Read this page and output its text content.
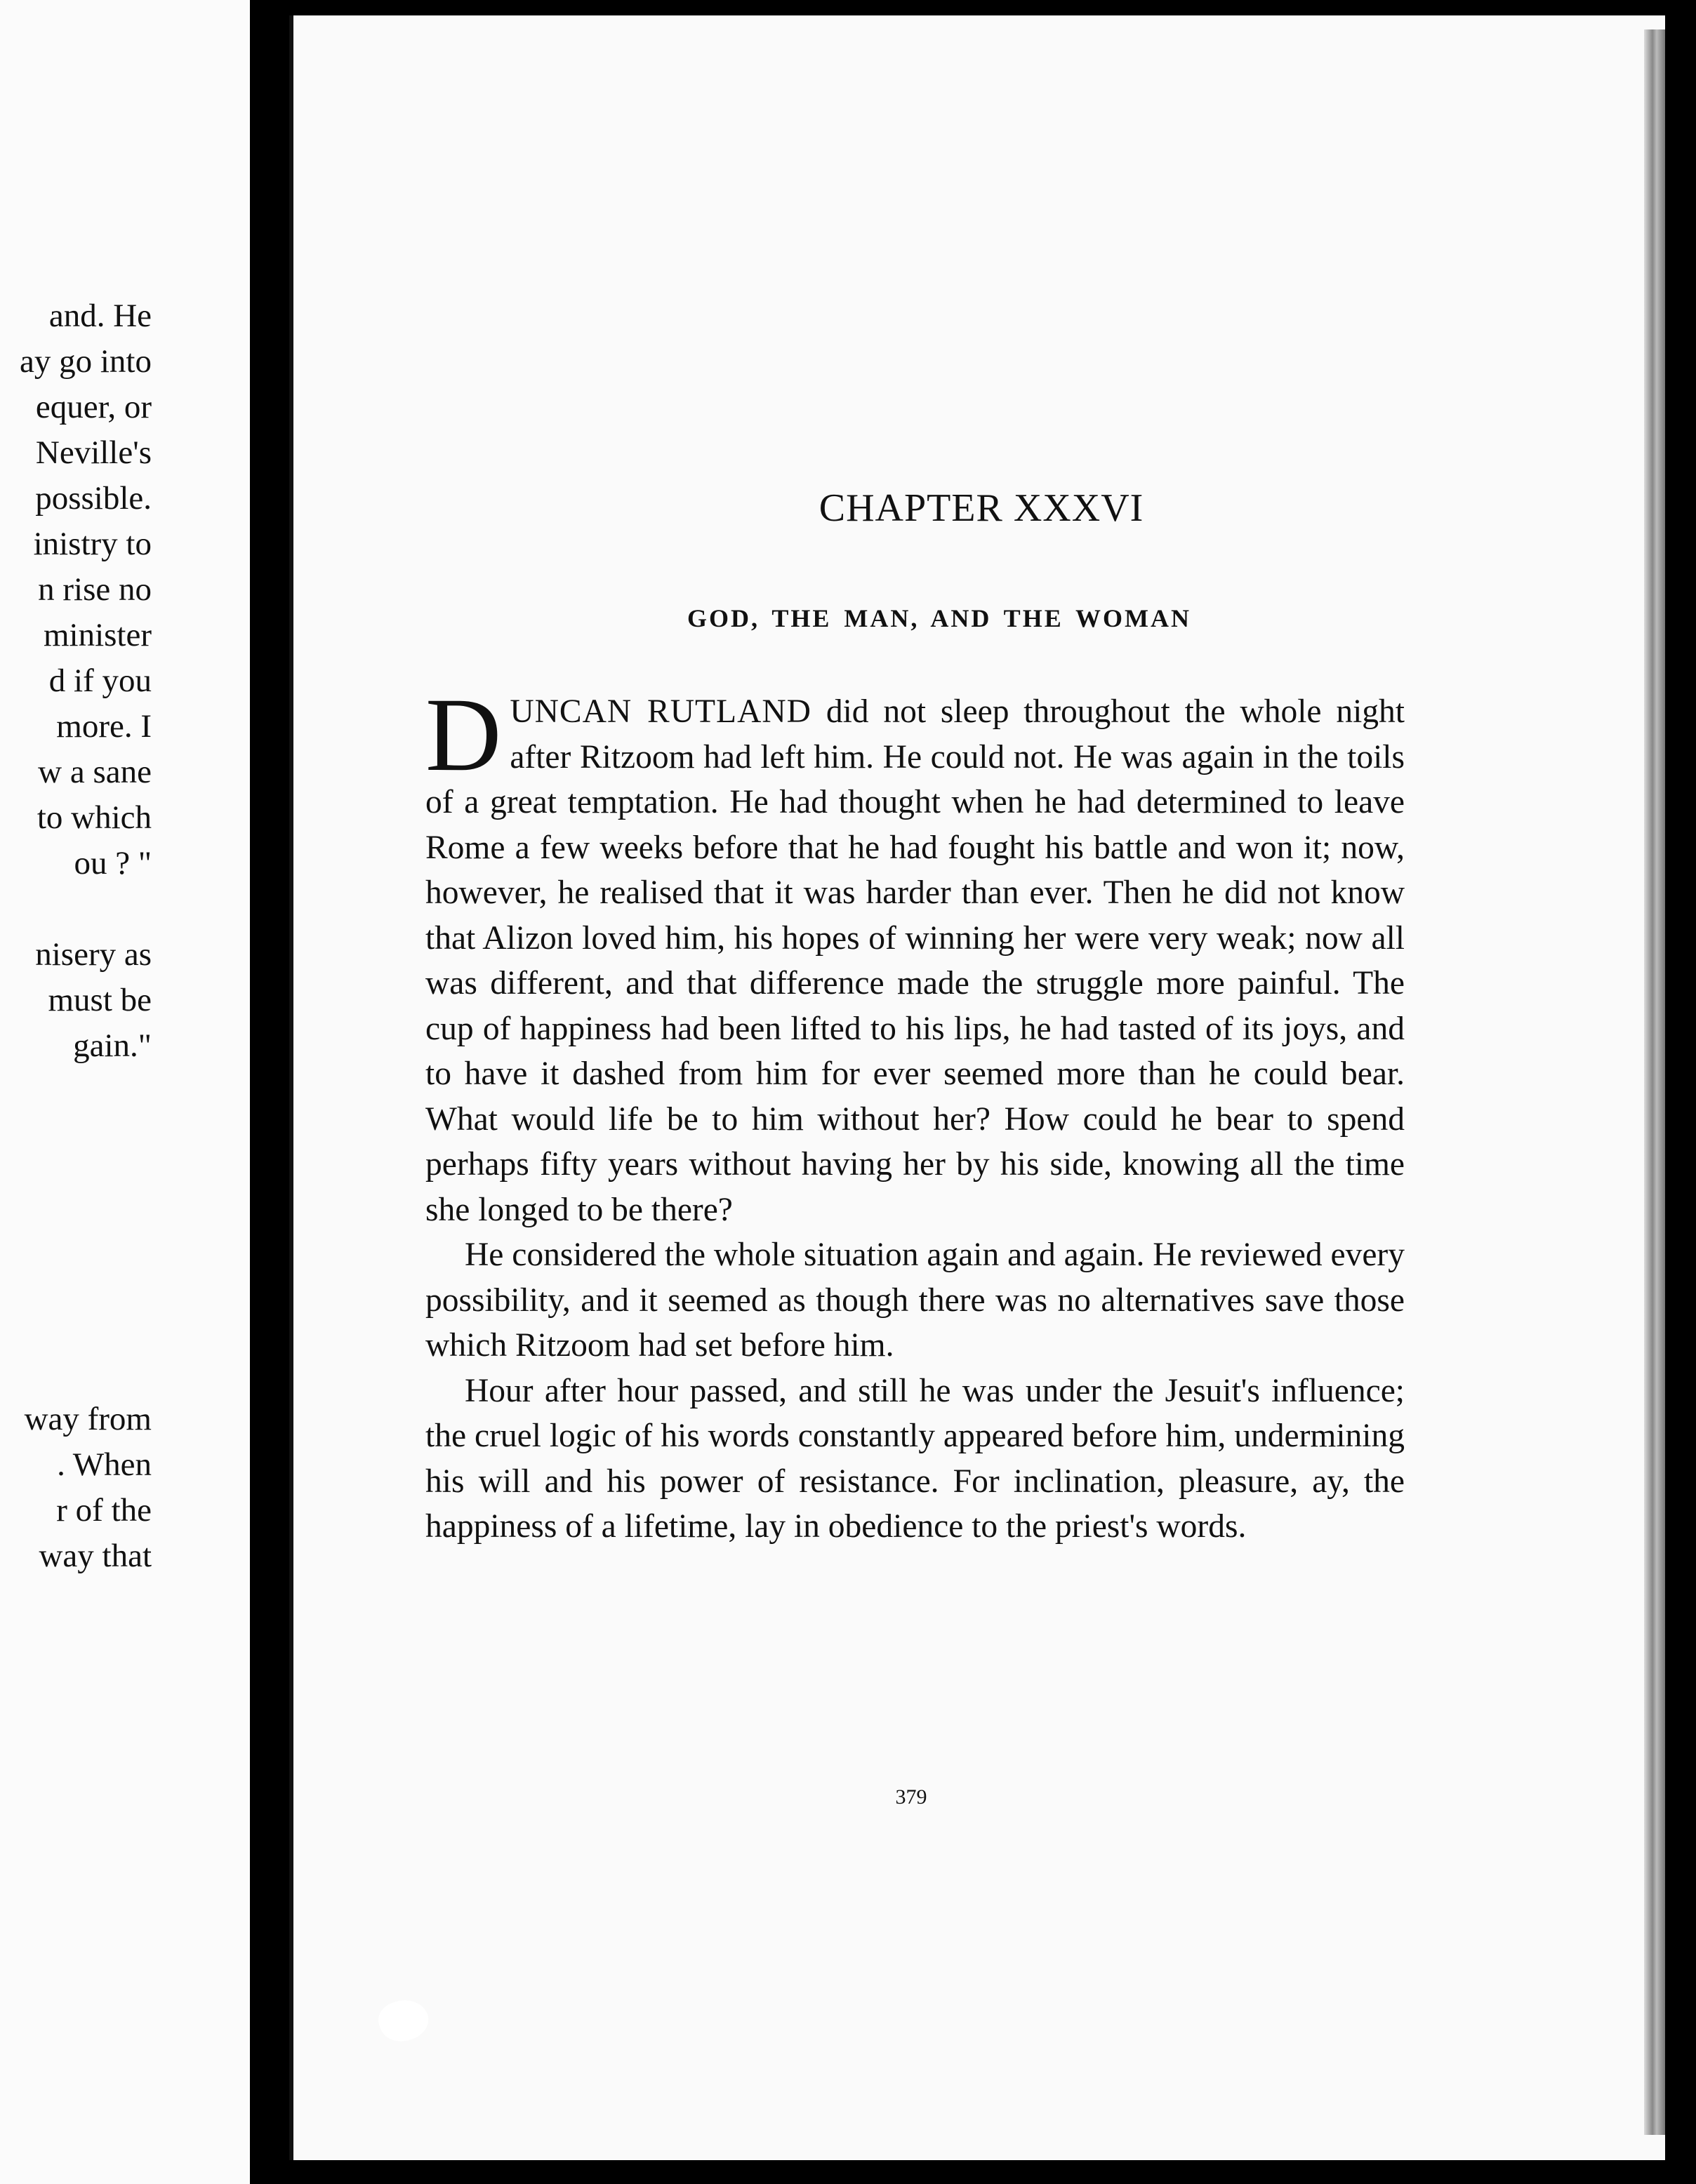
and. He
ay go into
equer, or
Neville's
possible.
inistry to
n rise no
minister
d if you
more. I
w a sane
to which
ou ? "
nisery as
must be
gain."
way from
. When
r of the
way that
CHAPTER XXXVI
GOD, THE MAN, AND THE WOMAN

DUNCAN RUTLAND did not sleep throughout the whole night after Ritzoom had left him. He could not. He was again in the toils of a great temptation. He had thought when he had determined to leave Rome a few weeks before that he had fought his battle and won it; now, however, he realised that it was harder than ever. Then he did not know that Alizon loved him, his hopes of winning her were very weak; now all was different, and that difference made the struggle more painful. The cup of happiness had been lifted to his lips, he had tasted of its joys, and to have it dashed from him for ever seemed more than he could bear. What would life be to him without her? How could he bear to spend perhaps fifty years without having her by his side, knowing all the time she longed to be there?

He considered the whole situation again and again. He reviewed every possibility, and it seemed as though there was no alternatives save those which Ritzoom had set before him.

Hour after hour passed, and still he was under the Jesuit's influence; the cruel logic of his words constantly appeared before him, undermining his will and his power of resistance. For inclination, pleasure, ay, the happiness of a lifetime, lay in obedience to the priest's words.

379
